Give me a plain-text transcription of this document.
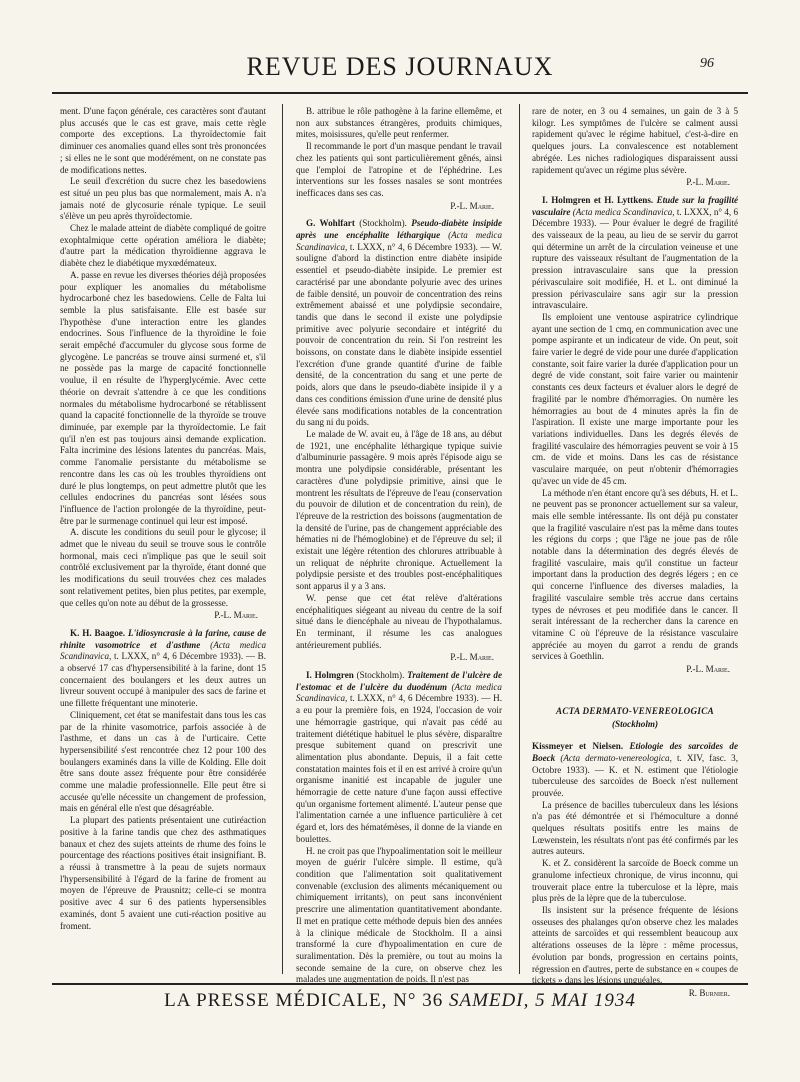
REVUE DES JOURNAUX	96

ment. D'une façon générale, ces caractères sont d'autant plus accusés que le cas est grave, mais cette règle comporte des exceptions. La thyroïdectomie fait diminuer ces anomalies quand elles sont très prononcées ; si elles ne le sont que modérément, on ne constate pas de modifications nettes.

Le seuil d'excrétion du sucre chez les basedowiens est situé un peu plus bas que normalement, mais A. n'a jamais noté de glycosurie rénale typique. Le seuil s'élève un peu après thyroïdectomie.

Chez le malade atteint de diabète compliqué de goitre exophtalmique cette opération améliora le diabète; d'autre part la médication thyroïdienne aggrava le diabète chez le diabétique myxœdémateux.

A. passe en revue les diverses théories déjà proposées pour expliquer les anomalies du métabolisme hydrocarboné chez les basedowiens. Celle de Falta lui semble la plus satisfaisante. Elle est basée sur l'hypothèse d'une interaction entre les glandes endocrines. Sous l'influence de la thyroïdine le foie serait empêché d'accumuler du glycose sous forme de glycogène. Le pancréas se trouve ainsi surmené et, s'il ne possède pas la marge de capacité fonctionnelle voulue, il en résulte de l'hyperglycémie. Avec cette théorie on devrait s'attendre à ce que les conditions normales du métabolisme hydrocarboné se rétablissent quand la capacité fonctionnelle de la thyroïde se trouve diminuée, par exemple par la thyroïdectomie. Le fait qu'il n'en est pas toujours ainsi demande explication. Falta incrimine des lésions latentes du pancréas. Mais, comme l'anomalie persistante du métabolisme se rencontre dans les cas où les troubles thyroïdiens ont duré le plus longtemps, on peut admettre plutôt que les cellules endocrines du pancréas sont lésées sous l'influence de l'action prolongée de la thyroïdine, peut-être par le surmenage continuel qui leur est imposé.

A. discute les conditions du seuil pour le glycose; il admet que le niveau du seuil se trouve sous le contrôle hormonal, mais ceci n'implique pas que le seuil soit contrôlé exclusivement par la thyroïde, étant donné que les modifications du seuil trouvées chez ces malades sont relativement petites, bien plus petites, par exemple, que celles qu'on note au début de la grossesse.

P.-L. Marie.

K. H. Baagoe. L'idiosyncrasie à la farine, cause de rhinite vasomotrice et d'asthme (Acta medica Scandinavica, t. LXXX, n° 4, 6 Décembre 1933). — B. a observé 17 cas d'hypersensibilité à la farine, dont 15 concernaient des boulangers et les deux autres un livreur souvent occupé à manipuler des sacs de farine et une fillette fréquentant une minoterie.

Cliniquement, cet état se manifestait dans tous les cas par de la rhinite vasomotrice, parfois associée à de l'asthme, et dans un cas à de l'urticaire. Cette hypersensibilité s'est rencontrée chez 12 pour 100 des boulangers examinés dans la ville de Kolding. Elle doit être sans doute assez fréquente pour être considérée comme une maladie professionnelle. Elle peut être si accusée qu'elle nécessite un changement de profession, mais en général elle n'est que désagréable.

La plupart des patients présentaient une cutiréaction positive à la farine tandis que chez des asthmatiques banaux et chez des sujets atteints de rhume des foins le pourcentage des réactions positives était insignifiant. B. a réussi à transmettre à la peau de sujets normaux l'hypersensibilité à l'égard de la farine de froment au moyen de l'épreuve de Prausnitz; celle-ci se montra positive avec 4 sur 6 des patients hypersensibles examinés, dont 5 avaient une cuti-réaction positive au froment.

B. attribue le rôle pathogène à la farine ellemême, et non aux substances étrangères, produits chimiques, mites, moisissures, qu'elle peut renfermer.

Il recommande le port d'un masque pendant le travail chez les patients qui sont particulièrement gênés, ainsi que l'emploi de l'atropine et de l'éphédrine. Les interventions sur les fosses nasales se sont montrées inefficaces dans ses cas.

P.-L. Marie.

G. Wohlfart (Stockholm). Pseudo-diabète insipide après une encéphalite léthargique (Acta medica Scandinavica, t. LXXX, n° 4, 6 Décembre 1933). — W. souligne d'abord la distinction entre diabète insipide essentiel et pseudo-diabète insipide. Le premier est caractérisé par une abondante polyurie avec des urines de faible densité, un pouvoir de concentration des reins extrêmement abaissé et une polydipsie secondaire, tandis que dans le second il existe une polydipsie primitive avec polyurie secondaire et intégrité du pouvoir de concentration du rein. Si l'on restreint les boissons, on constate dans le diabète insipide essentiel l'excrétion d'une grande quantité d'urine de faible densité, de la concentration du sang et une perte de poids, alors que dans le pseudo-diabète insipide il y a dans ces conditions émission d'une urine de densité plus élevée sans modifications notables de la concentration du sang ni du poids.

Le malade de W. avait eu, à l'âge de 18 ans, au début de 1921, une encéphalite léthargique typique suivie d'albuminurie passagère. 9 mois après l'épisode aigu se montra une polydipsie considérable, présentant les caractères d'une polydipsie primitive, ainsi que le montrent les résultats de l'épreuve de l'eau (conservation du pouvoir de dilution et de concentration du rein), de l'épreuve de la restriction des boissons (augmentation de la densité de l'urine, pas de changement appréciable des hématies ni de l'hémoglobine) et de l'épreuve du sel; il existait une légère rétention des chlorures attribuable à un reliquat de néphrite chronique. Actuellement la polydipsie persiste et des troubles post-encéphalitiques sont apparus il y a 3 ans.

W. pense que cet état relève d'altérations encéphalitiques siégeant au niveau du centre de la soif situé dans le diencéphale au niveau de l'hypothalamus. En terminant, il résume les cas analogues antérieurement publiés.

P.-L. Marie.

I. Holmgren (Stockholm). Traitement de l'ulcère de l'estomac et de l'ulcère du duodénum (Acta medica Scandinavica, t. LXXX, n° 4, 6 Décembre 1933). — H. a eu pour la première fois, en 1924, l'occasion de voir une hémorragie gastrique, qui n'avait pas cédé au traitement diététique habituel le plus sévère, disparaître presque subitement quand on prescrivit une alimentation plus abondante. Depuis, il a fait cette constatation maintes fois et il en est arrivé à croire qu'un organisme inanitié est incapable de juguler une hémorragie de cette nature d'une façon aussi effective qu'un organisme fortement alimenté. L'auteur pense que l'alimentation carnée a une influence particulière à cet égard et, lors des hématémèses, il donne de la viande en boulettes.

H. ne croit pas que l'hypoalimentation soit le meilleur moyen de guérir l'ulcère simple. Il estime, qu'à condition que l'alimentation soit qualitativement convenable (exclusion des aliments mécaniquement ou chimiquement irritants), on peut sans inconvénient prescrire une alimentation quantitativement abondante. Il met en pratique cette méthode depuis bien des années à la clinique médicale de Stockholm. Il a ainsi transformé la cure d'hypoalimentation en cure de suralimentation. Dès la première, ou tout au moins la seconde semaine de la cure, on observe chez les malades une augmentation de poids. Il n'est pas

rare de noter, en 3 ou 4 semaines, un gain de 3 à 5 kilogr. Les symptômes de l'ulcère se calment aussi rapidement qu'avec le régime habituel, c'est-à-dire en quelques jours. La convalescence est notablement abrégée. Les niches radiologiques disparaissent aussi rapidement qu'avec un régime plus sévère.

P.-L. Marie.

I. Holmgren et H. Lyttkens. Etude sur la fragilité vasculaire (Acta medica Scandinavica, t. LXXX, n° 4, 6 Décembre 1933). — Pour évaluer le degré de fragilité des vaisseaux de la peau, au lieu de se servir du garrot qui détermine un arrêt de la circulation veineuse et une rupture des vaisseaux résultant de l'augmentation de la pression intravasculaire sans que la pression périvasculaire soit modifiée, H. et L. ont diminué la pression périvasculaire sans agir sur la pression intravasculaire.

Ils emploient une ventouse aspiratrice cylindrique ayant une section de 1 cmq, en communication avec une pompe aspirante et un indicateur de vide. On peut, soit faire varier le degré de vide pour une durée d'application constante, soit faire varier la durée d'application pour un degré de vide constant, soit faire varier ou maintenir constants ces deux facteurs et évaluer alors le degré de fragilité par le nombre d'hémorragies. On numère les hémorragies au bout de 4 minutes après la fin de l'aspiration. Il existe une marge importante pour les variations individuelles. Dans les degrés élevés de fragilité vasculaire des hémorragies peuvent se voir à 15 cm. de vide et moins. Dans les cas de résistance vasculaire marquée, on peut n'obtenir d'hémorragies qu'avec un vide de 45 cm.

La méthode n'en étant encore qu'à ses débuts, H. et L. ne peuvent pas se prononcer actuellement sur sa valeur, mais elle semble intéressante. Ils ont déjà pu constater que la fragilité vasculaire n'est pas la même dans toutes les régions du corps ; que l'âge ne joue pas de rôle notable dans la détermination des degrés élevés de fragilité vasculaire, mais qu'il constitue un facteur important dans la production des degrés légers ; en ce qui concerne l'influence des diverses maladies, la fragilité vasculaire semble très accrue dans certains types de névroses et peu modifiée dans le cancer. Il serait intéressant de la rechercher dans la carence en vitamine C où l'épreuve de la résistance vasculaire appréciée au moyen du garrot a rendu de grands services à Goethlin.

P.-L. Marie.
ACTA DERMATO-VENEREOLOGICA
(Stockholm)

Kissmeyer et Nielsen. Etiologie des sarcoïdes de Boeck (Acta dermato-venereologica, t. XIV, fasc. 3, Octobre 1933). — K. et N. estiment que l'étiologie tuberculeuse des sarcoïdes de Boeck n'est nullement prouvée.

La présence de bacilles tuberculeux dans les lésions n'a pas été démontrée et si l'hémoculture a donné quelques résultats positifs entre les mains de Lœwenstein, les résultats n'ont pas été confirmés par les autres auteurs.

K. et Z. considèrent la sarcoïde de Boeck comme un granulome infectieux chronique, de virus inconnu, qui trouverait place entre la tuberculose et la lèpre, mais plus près de la lèpre que de la tuberculose.

Ils insistent sur la présence fréquente de lésions osseuses des phalanges qu'on observe chez les malades atteints de sarcoïdes et qui ressemblent beaucoup aux altérations osseuses de la lèpre : même processus, évolution par bonds, progression en certains points, régression en d'autres, perte de substance en « coupes de tickets » dans les lésions unguéales.

R. Burnier.
LA PRESSE MÉDICALE, N° 36 SAMEDI, 5 MAI 1934
